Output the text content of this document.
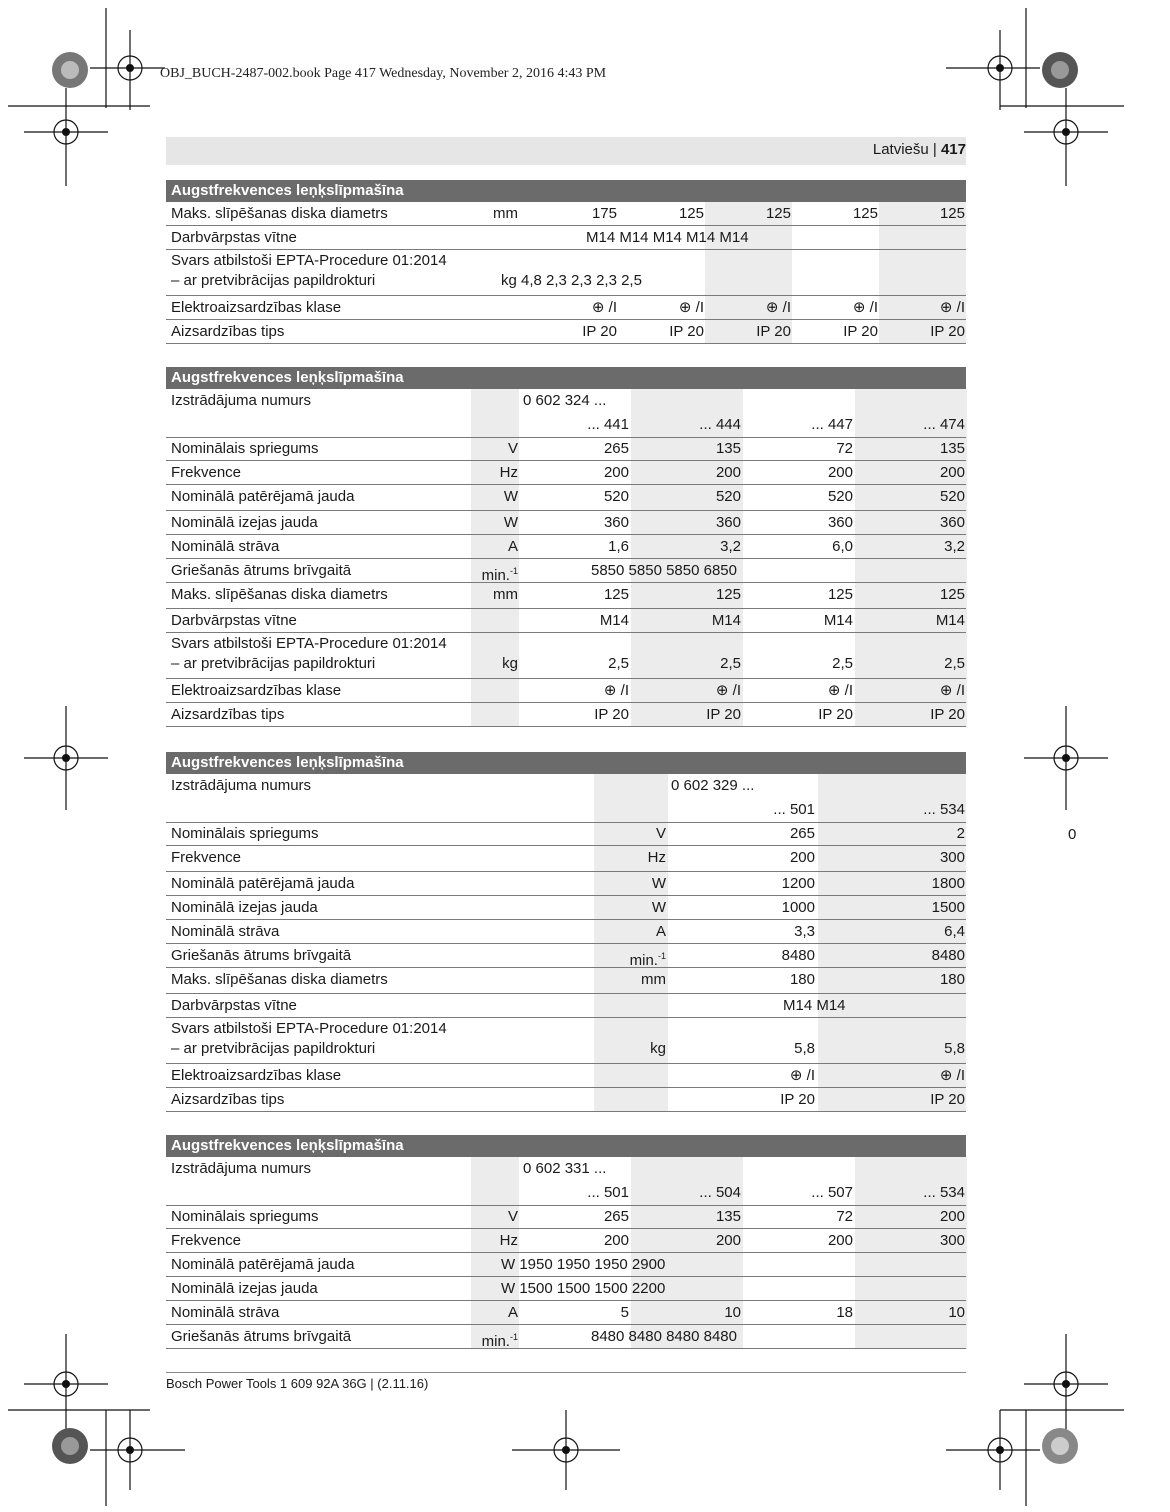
OBJ_BUCH-2487-002.book Page 417 Wednesday, November 2, 2016 4:43 PM
Latviešu | 417
0
Augstfrekvences leņķslīpmašīna
Maks. slīpēšanas diska diametrs	mm	175	125	125	125	125
Darbvārpstas vītne	M14 M14 M14 M14 M14
Svars atbilstoši EPTA-Procedure 01:2014
– ar pretvibrācijas papildrokturi	kg 4,8 2,3 2,3 2,3 2,5
Elektroaizsardzības klase	⊕ /I	⊕ /I	⊕ /I	⊕ /I	⊕ /I
Aizsardzības tips	IP 20	IP 20	IP 20	IP 20	IP 20
Augstfrekvences leņķslīpmašīna
Izstrādājuma numurs	0 602 324 ...
... 441	... 444	... 447	... 474
Nominālais spriegums	V	265	135	72	135
Frekvence	Hz	200	200	200	200
Nominālā patērējamā jauda	W	520	520	520	520
Nominālā izejas jauda	W	360	360	360	360
Nominālā strāva	A	1,6	3,2	6,0	3,2
Griešanās ātrums brīvgaitā	min.$^{-1}$	5850 5850 5850 6850
Maks. slīpēšanas diska diametrs	mm	125	125	125	125
Darbvārpstas vītne	M14	M14	M14	M14
Svars atbilstoši EPTA-Procedure 01:2014
– ar pretvibrācijas papildrokturi	kg	2,5	2,5	2,5	2,5
Elektroaizsardzības klase	⊕ /I	⊕ /I	⊕ /I	⊕ /I
Aizsardzības tips	IP 20	IP 20	IP 20	IP 20
Augstfrekvences leņķslīpmašīna
Izstrādājuma numurs	0 602 329 ...
... 501	... 534
Nominālais spriegums	V	265	2
Frekvence	Hz	200	300
Nominālā patērējamā jauda	W	1200	1800
Nominālā izejas jauda	W	1000	1500
Nominālā strāva	A	3,3	6,4
Griešanās ātrums brīvgaitā	min.$^{-1}$	8480	8480
Maks. slīpēšanas diska diametrs	mm	180	180
Darbvārpstas vītne	M14 M14
Svars atbilstoši EPTA-Procedure 01:2014
– ar pretvibrācijas papildrokturi	kg	5,8	5,8
Elektroaizsardzības klase	⊕ /I	⊕ /I
Aizsardzības tips	IP 20	IP 20
Augstfrekvences leņķslīpmašīna
Izstrādājuma numurs	0 602 331 ...
... 501	... 504	... 507	... 534
Nominālais spriegums	V	265	135	72	200
Frekvence	Hz	200	200	200	300
Nominālā patērējamā jauda	W 1950 1950 1950 2900
Nominālā izejas jauda	W 1500 1500 1500 2200
Nominālā strāva	A	5	10	18	10
Griešanās ātrums brīvgaitā	min.$^{-1}$	8480 8480 8480 8480
Bosch Power Tools 1 609 92A 36G | (2.11.16)
